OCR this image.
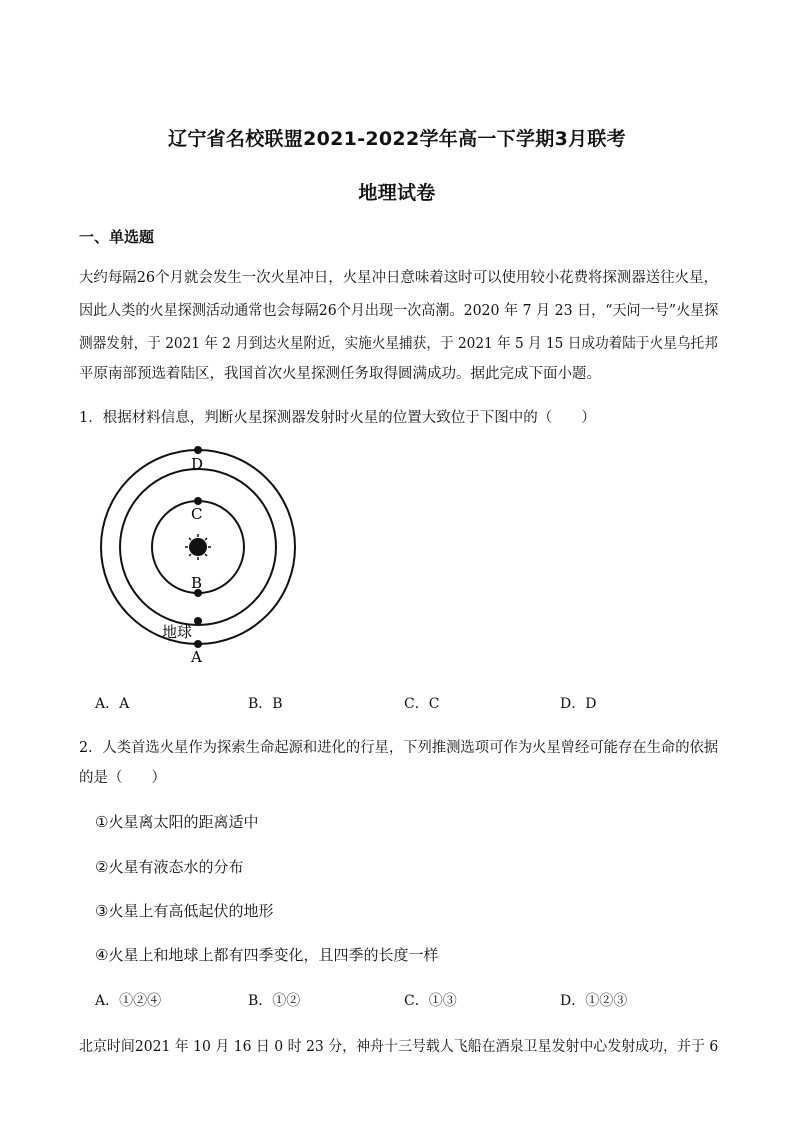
辽宁省名校联盟2021-2022学年高一下学期3月联考
地理试卷
一、单选题
大约每隔26个月就会发生一次火星冲日，火星冲日意味着这时可以使用较小花费将探测器送往火星，
因此人类的火星探测活动通常也会每隔26个月出现一次高潮。2020 年 7 月 23 日，“天问一号”火星探
测器发射，于 2021 年 2 月到达火星附近，实施火星捕获，于 2021 年 5 月 15 日成功着陆于火星乌托邦
平原南部预选着陆区，我国首次火星探测任务取得圆满成功。据此完成下面小题。
1．根据材料信息，判断火星探测器发射时火星的位置大致位于下图中的（　　）
D
C
B
地球
A
A．A	B．B	C．C	D．D
2．人类首选火星作为探索生命起源和进化的行星，下列推测选项可作为火星曾经可能存在生命的依据
的是（　　）
①火星离太阳的距离适中
②火星有液态水的分布
③火星上有高低起伏的地形
④火星上和地球上都有四季变化，且四季的长度一样
A．①②④	B．①②	C．①③	D．①②③
北京时间2021 年 10 月 16 日 0 时 23 分，神舟十三号载人飞船在酒泉卫星发射中心发射成功，并于 6
